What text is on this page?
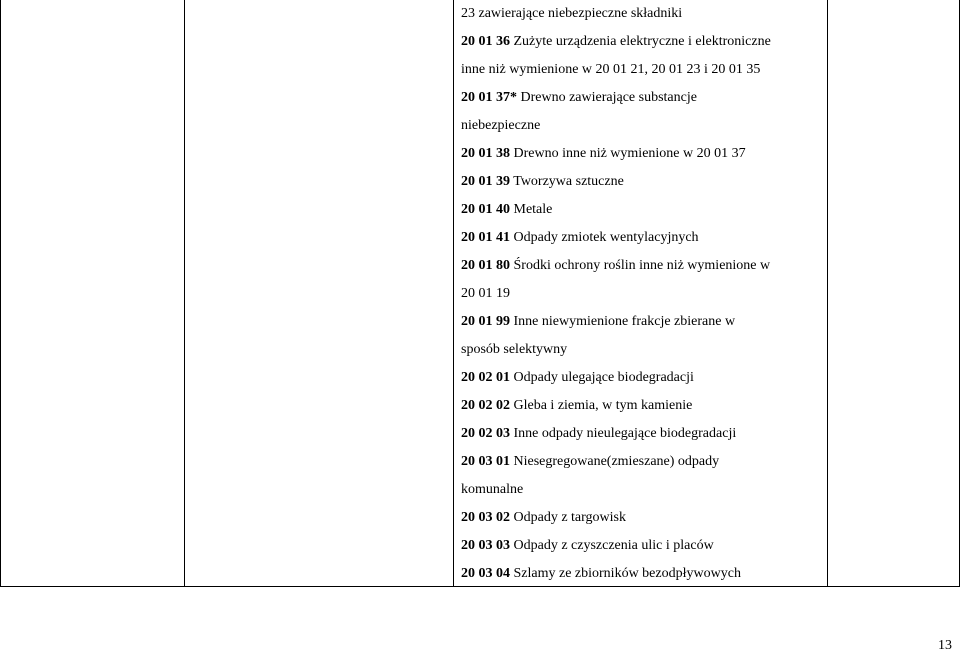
23 zawierające niebezpieczne składniki
20 01 36 Zużyte urządzenia elektryczne i elektroniczne
inne niż wymienione w 20 01 21, 20 01 23 i 20 01 35
20 01 37* Drewno zawierające substancje
niebezpieczne
20 01 38 Drewno inne niż wymienione w 20 01 37
20 01 39 Tworzywa sztuczne
20 01 40 Metale
20 01 41 Odpady zmiotek wentylacyjnych
20 01 80 Środki ochrony roślin inne niż wymienione w
20 01 19
20 01 99 Inne niewymienione frakcje zbierane w
sposób selektywny
20 02 01 Odpady ulegające biodegradacji
20 02 02 Gleba i ziemia, w tym kamienie
20 02 03 Inne odpady nieulegające biodegradacji
20 03 01 Niesegregowane(zmieszane) odpady
komunalne
20 03 02 Odpady z targowisk
20 03 03 Odpady z czyszczenia ulic i placów
20 03 04 Szlamy ze zbiorników bezodpływowych
13
